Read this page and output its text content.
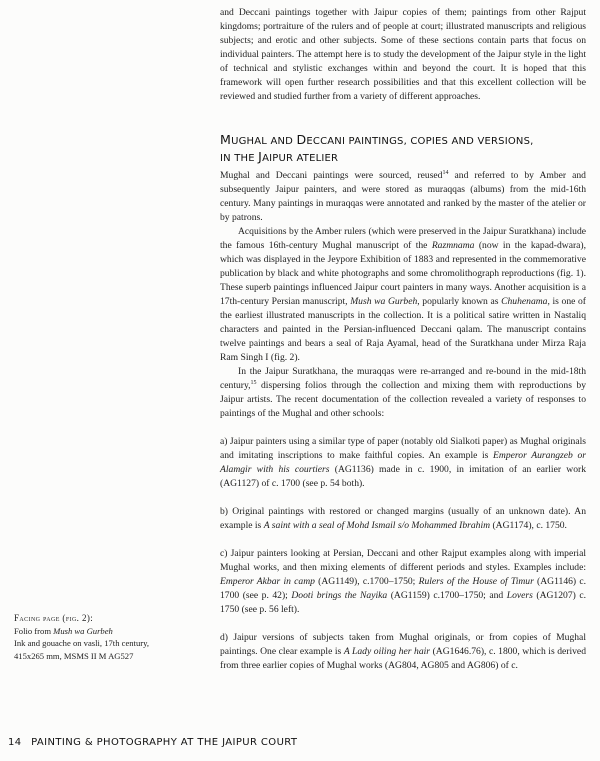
and Deccani paintings together with Jaipur copies of them; paintings from other Rajput kingdoms; portraiture of the rulers and of people at court; illustrated manuscripts and religious subjects; and erotic and other subjects. Some of these sections contain parts that focus on individual painters. The attempt here is to study the development of the Jaipur style in the light of technical and stylistic exchanges within and beyond the court. It is hoped that this framework will open further research possibilities and that this excellent collection will be reviewed and studied further from a variety of different approaches.

MUGHAL AND DECCANI PAINTINGS, COPIES AND VERSIONS,
IN THE JAIPUR ATELIER

Mughal and Deccani paintings were sourced, reused$^{14}$ and referred to by Amber and subsequently Jaipur painters, and were stored as muraqqas (albums) from the mid-16th century. Many paintings in muraqqas were annotated and ranked by the master of the atelier or by patrons.

Acquisitions by the Amber rulers (which were preserved in the Jaipur Suratkhana) include the famous 16th-century Mughal manuscript of the Razmnama (now in the kapad-dwara), which was displayed in the Jeypore Exhibition of 1883 and represented in the commemorative publication by black and white photographs and some chromolithograph reproductions (fig. 1). These superb paintings influenced Jaipur court painters in many ways. Another acquisition is a 17th-century Persian manuscript, Mush wa Gurbeh, popularly known as Chuhenama, is one of the earliest illustrated manuscripts in the collection. It is a political satire written in Nastaliq characters and painted in the Persian-influenced Deccani qalam. The manuscript contains twelve paintings and bears a seal of Raja Ayamal, head of the Suratkhana under Mirza Raja Ram Singh I (fig. 2).

In the Jaipur Suratkhana, the muraqqas were re-arranged and re-bound in the mid-18th century,$^{15}$ dispersing folios through the collection and mixing them with reproductions by Jaipur artists. The recent documentation of the collection revealed a variety of responses to paintings of the Mughal and other schools:

a) Jaipur painters using a similar type of paper (notably old Sialkoti paper) as Mughal originals and imitating inscriptions to make faithful copies. An example is Emperor Aurangzeb or Alamgir with his courtiers (AG1136) made in c. 1900, in imitation of an earlier work (AG1127) of c. 1700 (see p. 54 both).

b) Original paintings with restored or changed margins (usually of an unknown date). An example is A saint with a seal of Mohd Ismail s/o Mohammed Ibrahim (AG1174), c. 1750.

c) Jaipur painters looking at Persian, Deccani and other Rajput examples along with imperial Mughal works, and then mixing elements of different periods and styles. Examples include: Emperor Akbar in camp (AG1149), c.1700–1750; Rulers of the House of Timur (AG1146) c. 1700 (see p. 42); Dooti brings the Nayika (AG1159) c.1700–1750; and Lovers (AG1207) c. 1750 (see p. 56 left).

d) Jaipur versions of subjects taken from Mughal originals, or from copies of Mughal paintings. One clear example is A Lady oiling her hair (AG1646.76), c. 1800, which is derived from three earlier copies of Mughal works (AG804, AG805 and AG806) of c.

Facing page (fig. 2):
Folio from Mush wa Gurbeh
Ink and gouache on vasli, 17th century,
415x265 mm, MSMS II M AG527
14 PAINTING & PHOTOGRAPHY AT THE JAIPUR COURT
